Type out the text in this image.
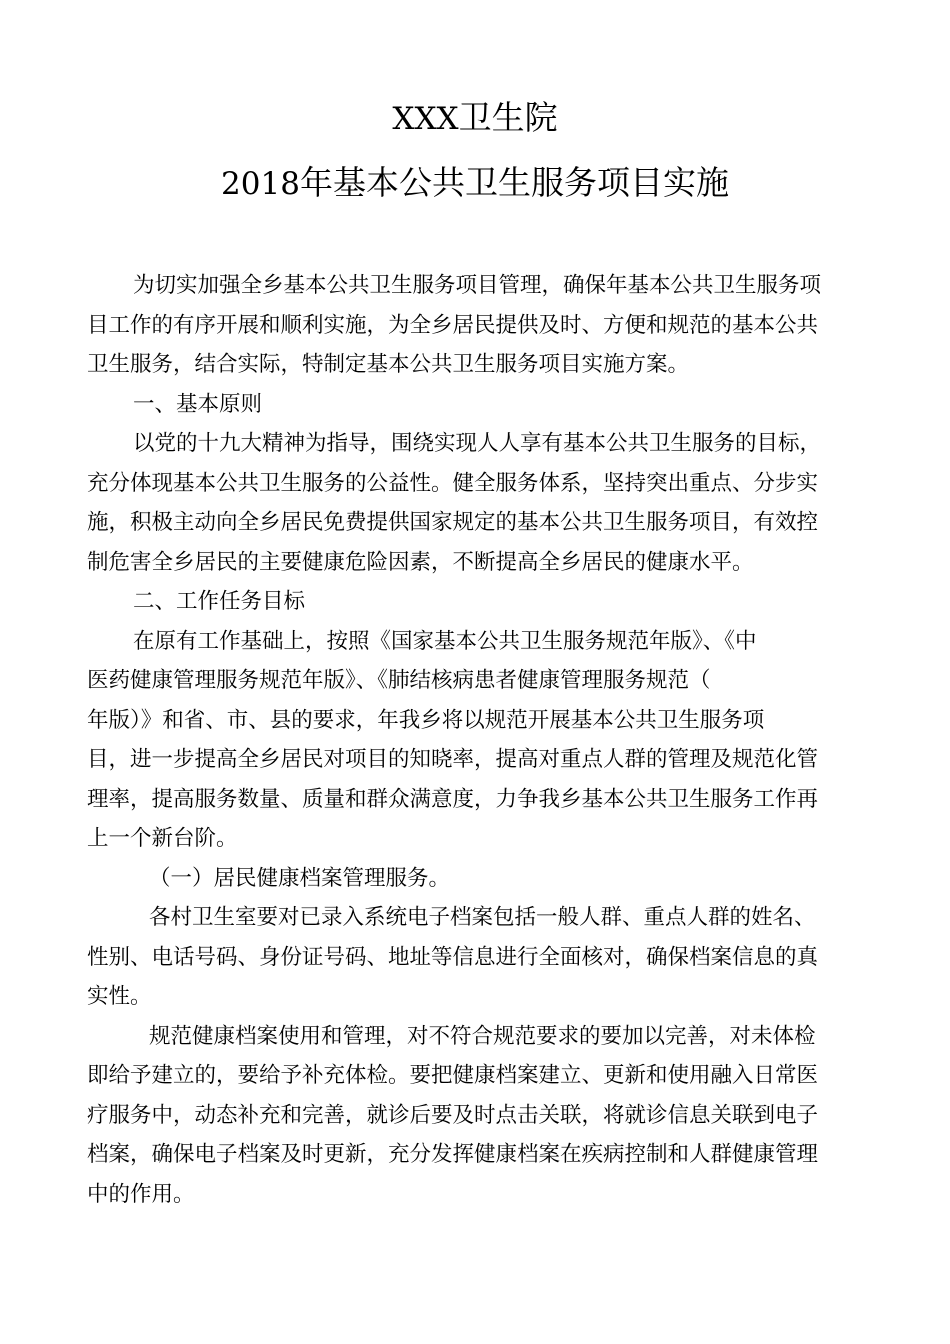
XXX卫生院
2018年基本公共卫生服务项目实施
为切实加强全乡基本公共卫生服务项目管理，确保年基本公共卫生服务项
目工作的有序开展和顺利实施，为全乡居民提供及时、方便和规范的基本公共
卫生服务，结合实际，特制定基本公共卫生服务项目实施方案。
一、基本原则
以党的十九大精神为指导，围绕实现人人享有基本公共卫生服务的目标，
充分体现基本公共卫生服务的公益性。健全服务体系，坚持突出重点、分步实
施，积极主动向全乡居民免费提供国家规定的基本公共卫生服务项目，有效控
制危害全乡居民的主要健康危险因素，不断提高全乡居民的健康水平。
二、工作任务目标
在原有工作基础上，按照《国家基本公共卫生服务规范年版》、《中
医药健康管理服务规范年版》、《肺结核病患者健康管理服务规范（
年版）》和省、市、县的要求，年我乡将以规范开展基本公共卫生服务项
目，进一步提高全乡居民对项目的知晓率，提高对重点人群的管理及规范化管
理率，提高服务数量、质量和群众满意度，力争我乡基本公共卫生服务工作再
上一个新台阶。
（一）居民健康档案管理服务。
各村卫生室要对已录入系统电子档案包括一般人群、重点人群的姓名、
性别、电话号码、身份证号码、地址等信息进行全面核对，确保档案信息的真
实性。
规范健康档案使用和管理，对不符合规范要求的要加以完善，对未体检
即给予建立的，要给予补充体检。要把健康档案建立、更新和使用融入日常医
疗服务中，动态补充和完善，就诊后要及时点击关联，将就诊信息关联到电子
档案，确保电子档案及时更新，充分发挥健康档案在疾病控制和人群健康管理
中的作用。
